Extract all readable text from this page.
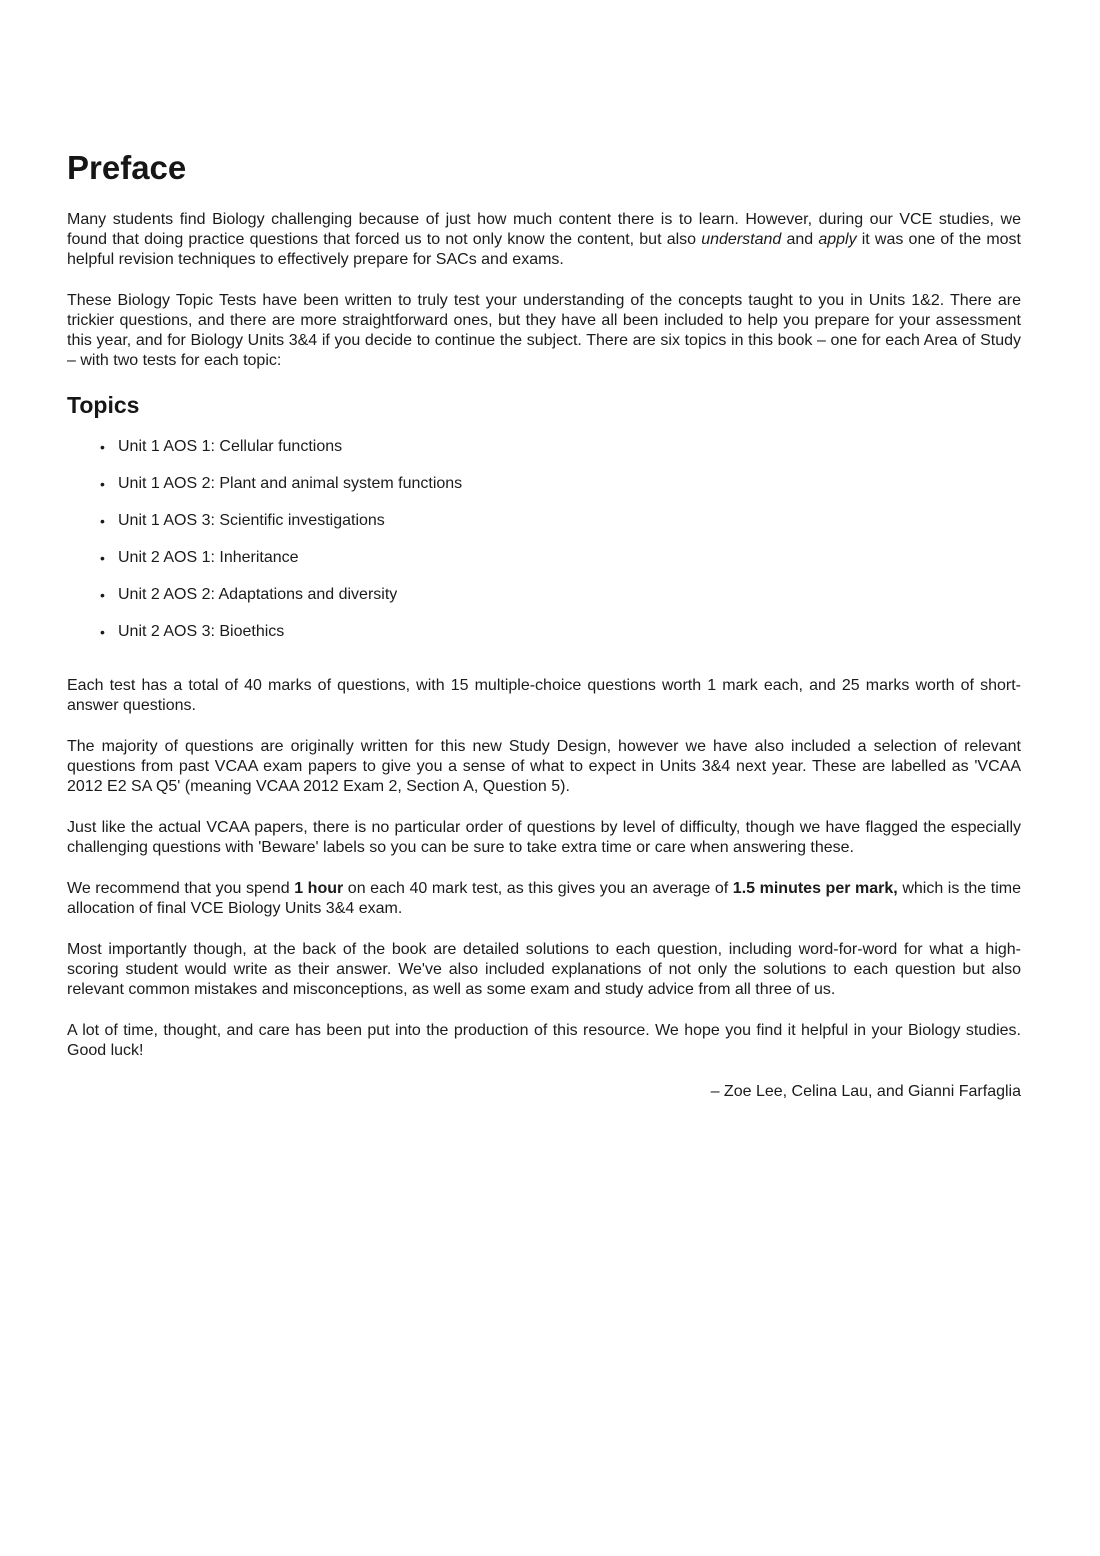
Preface

Many students find Biology challenging because of just how much content there is to learn. However, during our VCE studies, we found that doing practice questions that forced us to not only know the content, but also understand and apply it was one of the most helpful revision techniques to effectively prepare for SACs and exams.

These Biology Topic Tests have been written to truly test your understanding of the concepts taught to you in Units 1&2. There are trickier questions, and there are more straightforward ones, but they have all been included to help you prepare for your assessment this year, and for Biology Units 3&4 if you decide to continue the subject. There are six topics in this book – one for each Area of Study – with two tests for each topic:

Topics
• Unit 1 AOS 1: Cellular functions
• Unit 1 AOS 2: Plant and animal system functions
• Unit 1 AOS 3: Scientific investigations
• Unit 2 AOS 1: Inheritance
• Unit 2 AOS 2: Adaptations and diversity
• Unit 2 AOS 3: Bioethics

Each test has a total of 40 marks of questions, with 15 multiple-choice questions worth 1 mark each, and 25 marks worth of short-answer questions.

The majority of questions are originally written for this new Study Design, however we have also included a selection of relevant questions from past VCAA exam papers to give you a sense of what to expect in Units 3&4 next year. These are labelled as 'VCAA 2012 E2 SA Q5' (meaning VCAA 2012 Exam 2, Section A, Question 5).

Just like the actual VCAA papers, there is no particular order of questions by level of difficulty, though we have flagged the especially challenging questions with 'Beware' labels so you can be sure to take extra time or care when answering these.

We recommend that you spend 1 hour on each 40 mark test, as this gives you an average of 1.5 minutes per mark, which is the time allocation of final VCE Biology Units 3&4 exam.

Most importantly though, at the back of the book are detailed solutions to each question, including word-for-word for what a high-scoring student would write as their answer. We've also included explanations of not only the solutions to each question but also relevant common mistakes and misconceptions, as well as some exam and study advice from all three of us.

A lot of time, thought, and care has been put into the production of this resource. We hope you find it helpful in your Biology studies. Good luck!

– Zoe Lee, Celina Lau, and Gianni Farfaglia
